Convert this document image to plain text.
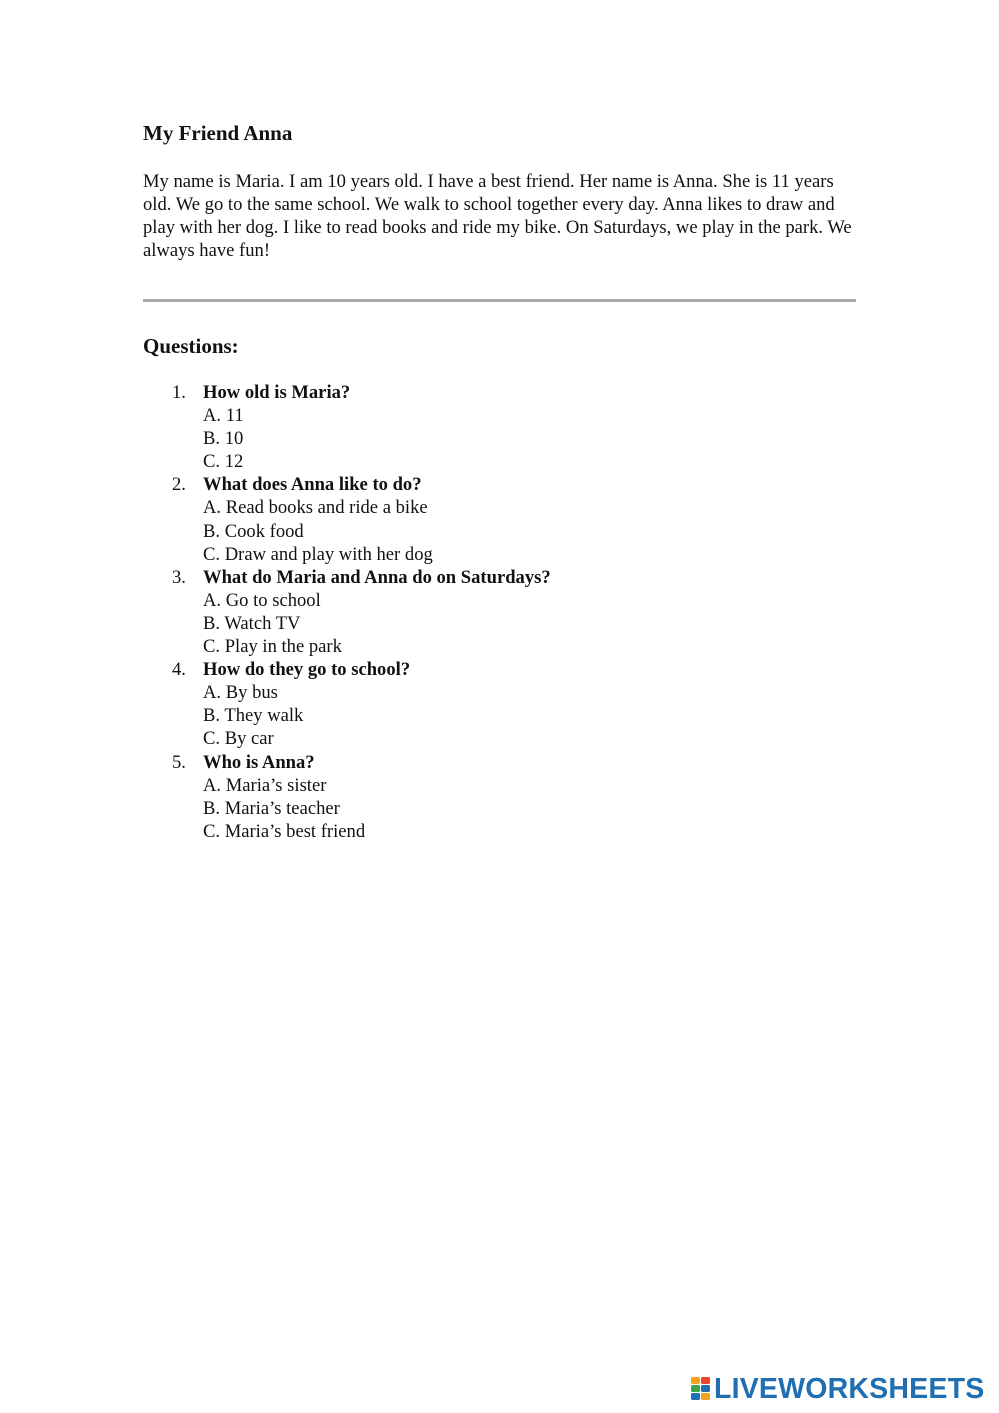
My Friend Anna

My name is Maria. I am 10 years old. I have a best friend. Her name is Anna. She is 11 years old. We go to the same school. We walk to school together every day. Anna likes to draw and play with her dog. I like to read books and ride my bike. On Saturdays, we play in the park. We always have fun!

Questions:
1. How old is Maria?
A. 11
B. 10
C. 12
2. What does Anna like to do?
A. Read books and ride a bike
B. Cook food
C. Draw and play with her dog
3. What do Maria and Anna do on Saturdays?
A. Go to school
B. Watch TV
C. Play in the park
4. How do they go to school?
A. By bus
B. They walk
C. By car
5. Who is Anna?
A. Maria’s sister
B. Maria’s teacher
C. Maria’s best friend
LIVEWORKSHEETS
